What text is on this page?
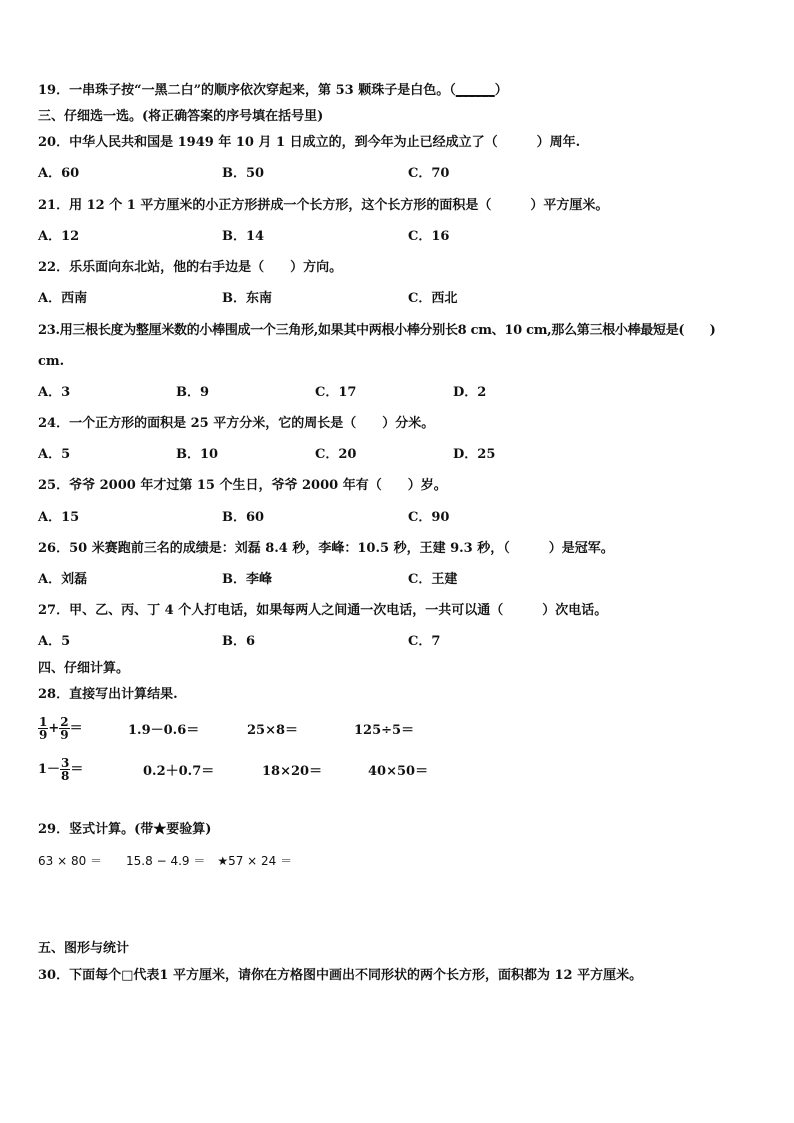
19．一串珠子按“一黑二白”的顺序依次穿起来，第 53 颗珠子是白色。（______）
三、仔细选一选。(将正确答案的序号填在括号里)
20．中华人民共和国是 1949 年 10 月 1 日成立的，到今年为止已经成立了（　　　）周年.
A．60	B．50	C．70
21．用 12 个 1 平方厘米的小正方形拼成一个长方形，这个长方形的面积是（　　　）平方厘米。
A．12	B．14	C．16
22．乐乐面向东北站，他的右手边是（　　）方向。
A．西南	B．东南	C．西北
23.用三根长度为整厘米数的小棒围成一个三角形,如果其中两根小棒分别长8 cm、10 cm,那么第三根小棒最短是(　　)
cm.
A．3	B．9	C．17	D．2
24．一个正方形的面积是 25 平方分米，它的周长是（　　）分米。
A．5	B．10	C．20	D．25
25．爷爷 2000 年才过第 15 个生日，爷爷 2000 年有（　　）岁。
A．15	B．60	C．90
26．50 米赛跑前三名的成绩是：刘磊 8.4 秒，李峰：10.5 秒，王建 9.3 秒，（　　　）是冠军。
A．刘磊	B．李峰	C．王建
27．甲、乙、丙、丁 4 个人打电话，如果每两人之间通一次电话，一共可以通（　　　）次电话。
A．5	B．6	C．7
四、仔细计算。
28．直接写出计算结果.
$\frac{1}{9} + \frac{2}{9}$ ＝	1.9－0.6＝	25×8＝	125÷5＝
$1- \frac{3}{8}$ ＝	0.2＋0.7＝	18×20＝	40×50＝
29．竖式计算。(带★要验算)
63 × 80 ＝　　15.8 − 4.9 ＝　★57 × 24 ＝
五、图形与统计
30．下面每个□代表1 平方厘米，请你在方格图中画出不同形状的两个长方形，面积都为 12 平方厘米。
